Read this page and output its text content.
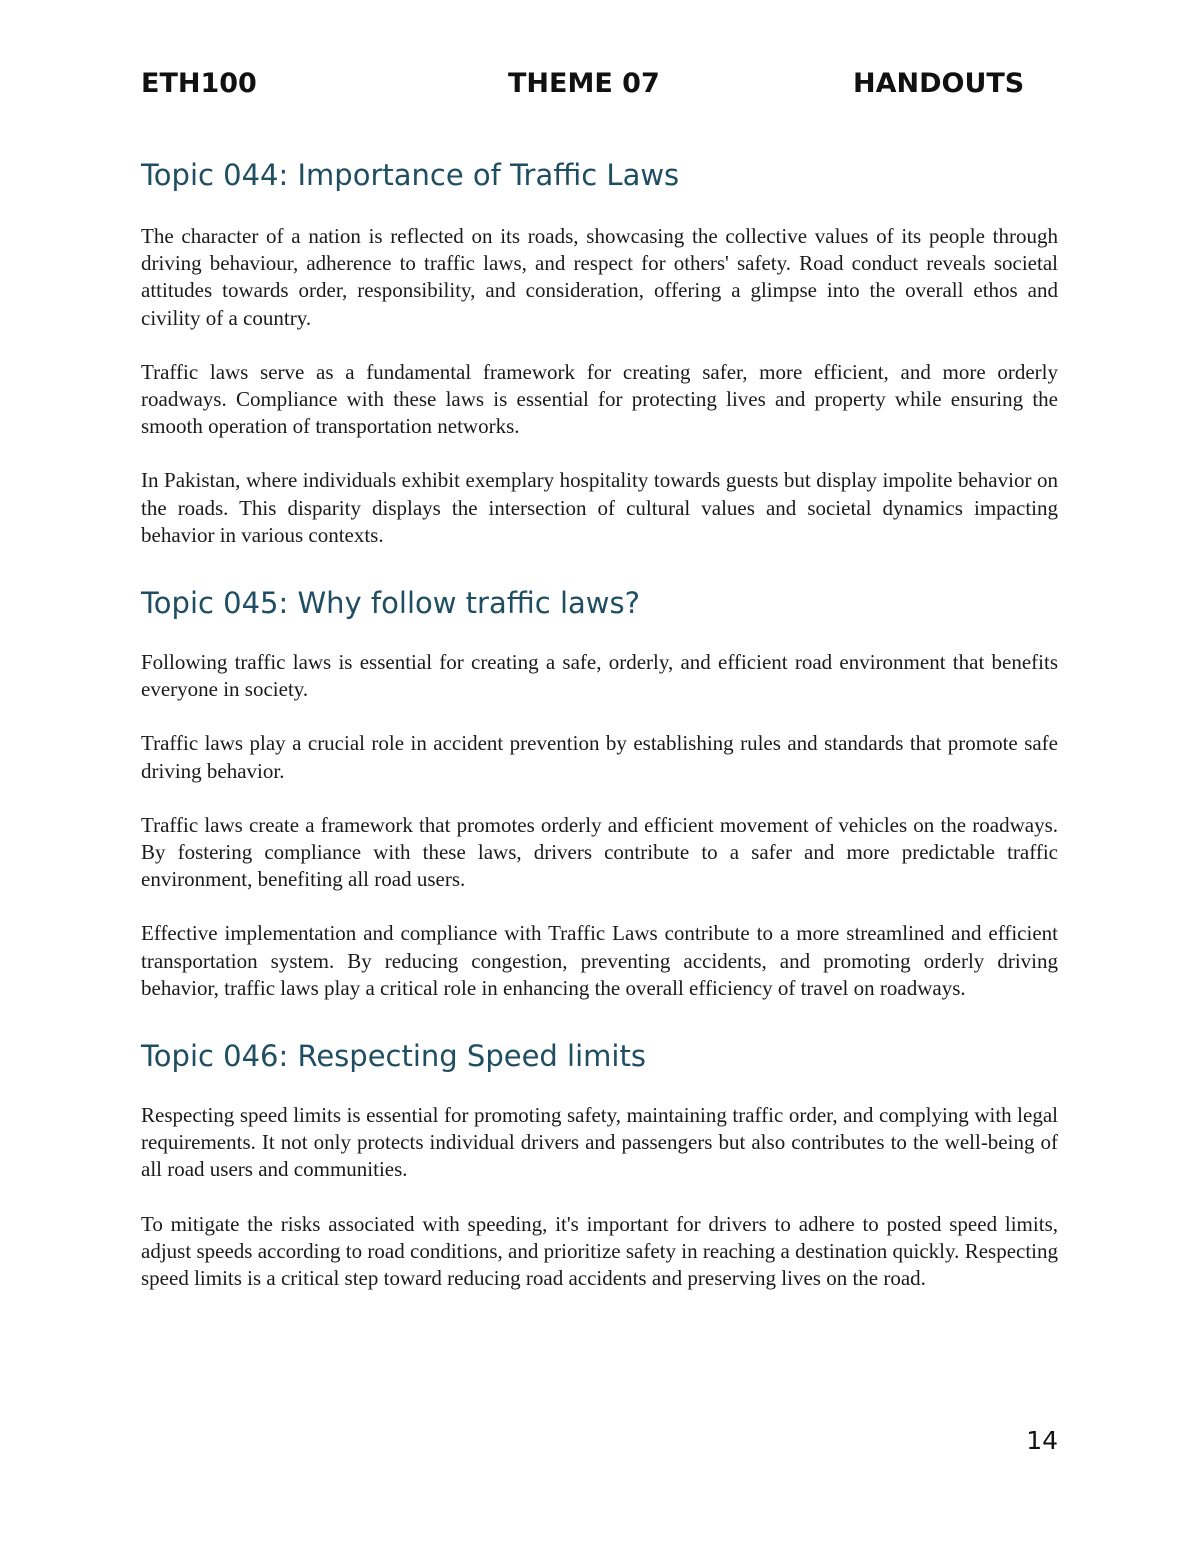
ETH100	THEME 07	HANDOUTS
Topic 044: Importance of Traffic Laws

The character of a nation is reflected on its roads, showcasing the collective values of its people through driving behaviour, adherence to traffic laws, and respect for others' safety. Road conduct reveals societal attitudes towards order, responsibility, and consideration, offering a glimpse into the overall ethos and civility of a country.

Traffic laws serve as a fundamental framework for creating safer, more efficient, and more orderly roadways. Compliance with these laws is essential for protecting lives and property while ensuring the smooth operation of transportation networks.

In Pakistan, where individuals exhibit exemplary hospitality towards guests but display impolite behavior on the roads. This disparity displays the intersection of cultural values and societal dynamics impacting behavior in various contexts.

Topic 045: Why follow traffic laws?

Following traffic laws is essential for creating a safe, orderly, and efficient road environment that benefits everyone in society.

Traffic laws play a crucial role in accident prevention by establishing rules and standards that promote safe driving behavior.

Traffic laws create a framework that promotes orderly and efficient movement of vehicles on the roadways. By fostering compliance with these laws, drivers contribute to a safer and more predictable traffic environment, benefiting all road users.

Effective implementation and compliance with Traffic Laws contribute to a more streamlined and efficient transportation system. By reducing congestion, preventing accidents, and promoting orderly driving behavior, traffic laws play a critical role in enhancing the overall efficiency of travel on roadways.

Topic 046: Respecting Speed limits

Respecting speed limits is essential for promoting safety, maintaining traffic order, and complying with legal requirements. It not only protects individual drivers and passengers but also contributes to the well-being of all road users and communities.

To mitigate the risks associated with speeding, it's important for drivers to adhere to posted speed limits, adjust speeds according to road conditions, and prioritize safety in reaching a destination quickly. Respecting speed limits is a critical step toward reducing road accidents and preserving lives on the road.

14
